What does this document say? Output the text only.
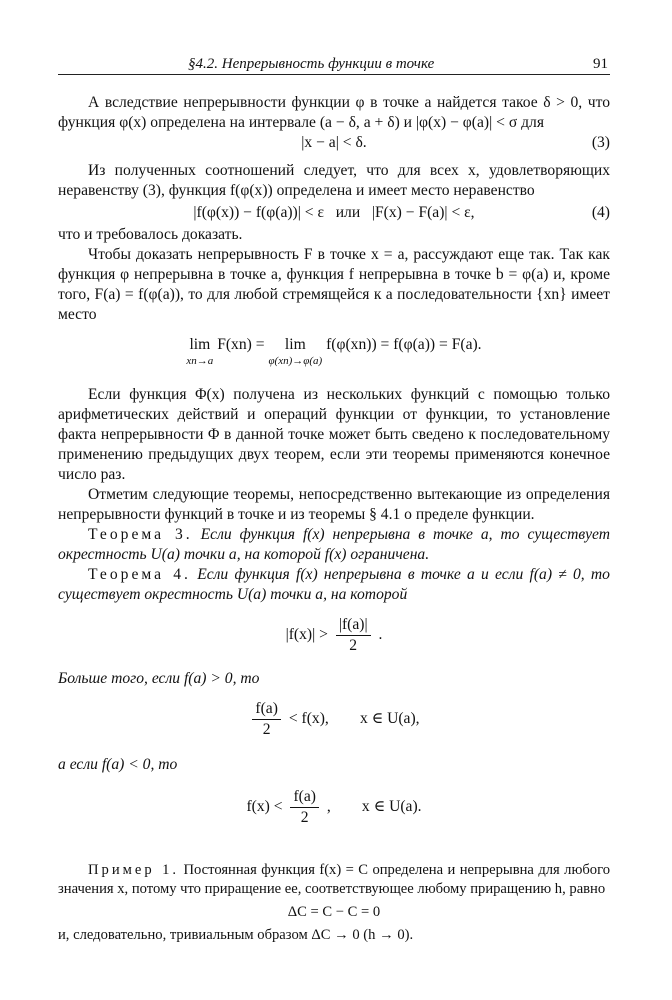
§4.2. Непрерывность функции в точке	91

А вследствие непрерывности функции φ в точке a найдется такое δ > 0, что функция φ(x) определена на интервале (a − δ, a + δ) и |φ(x) − φ(a)| < σ для

|x − a| < δ.	(3)

Из полученных соотношений следует, что для всех x, удовлетворяющих неравенству (3), функция f(φ(x)) определена и имеет место неравенство

|f(φ(x)) − f(φ(a))| < ε   или   |F(x) − F(a)| < ε,	(4)

что и требовалось доказать.

Чтобы доказать непрерывность F в точке x = a, рассуждают еще так. Так как функция φ непрерывна в точке a, функция f непрерывна в точке b = φ(a) и, кроме того, F(a) = f(φ(a)), то для любой стремящейся к a последовательности {xn} имеет место

lim
xn→a
F(xn) = lim
φ(xn)→φ(a)
f(φ(xn)) = f(φ(a)) = F(a).

Если функция Φ(x) получена из нескольких функций с помощью только арифметических действий и операций функции от функции, то установление факта непрерывности Φ в данной точке может быть сведено к последовательному применению предыдущих двух теорем, если эти теоремы применяются конечное число раз.

Отметим следующие теоремы, непосредственно вытекающие из определения непрерывности функций в точке и из теоремы § 4.1 о пределе функции.

Теорема 3. Если функция f(x) непрерывна в точке a, то существует окрестность U(a) точки a, на которой f(x) ограничена.

Теорема 4. Если функция f(x) непрерывна в точке a и если f(a) ≠ 0, то существует окрестность U(a) точки a, на которой

$|f(x)| > \frac{|f(a)|}{2}$ .

Больше того, если f(a) > 0, то

$\frac{f(a)}{2} < f(x)$,        x ∈ U(a),

а если f(a) < 0, то

$f(x) < \frac{f(a)}{2}$ ,        x ∈ U(a).

Пример 1. Постоянная функция f(x) = C определена и непрерывна для любого значения x, потому что приращение ее, соответствующее любому приращению h, равно

ΔC = C − C = 0

и, следовательно, тривиальным образом ΔC → 0 (h → 0).
